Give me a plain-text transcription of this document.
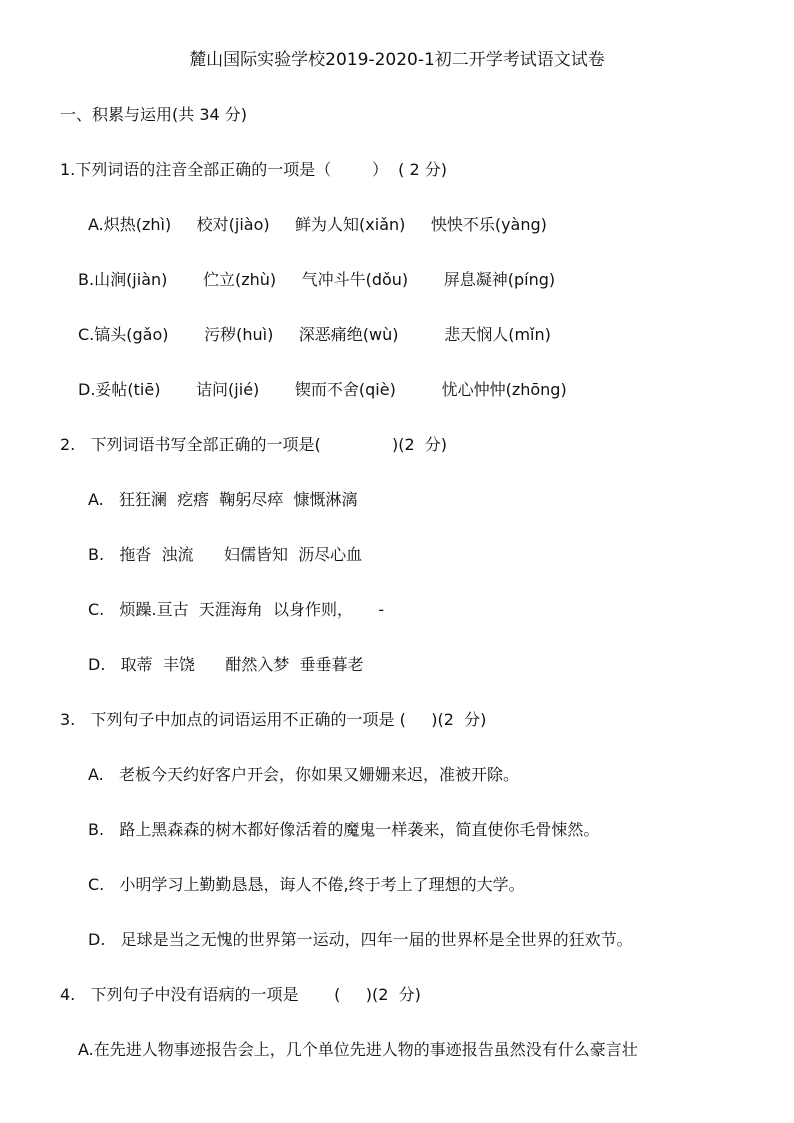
麓山国际实验学校2019-2020-1初二开学考试语文试卷
一、积累与运用(共 34 分)
1.下列词语的注音全部正确的一项是（        ）  ( 2 分)
A.炽热(zhì)     校对(jiào)     鲜为人知(xiǎn)     怏怏不乐(yàng)
B.山涧(jiàn)       伫立(zhù)     气冲斗牛(dǒu)       屏息凝神(píng)
C.镐头(gǎo)       污秽(huì)     深恶痛绝(wù)         悲天悯人(mǐn)
D.妥帖(tiē)       诘问(jié)       锲而不舍(qiè)         忧心忡忡(zhōng)
2.   下列词语书写全部正确的一项是(              )(2  分)
A.   狂狂澜  疙瘩  鞠躬尽瘁  慷慨淋漓
B.   拖沓  浊流      妇儒皆知  沥尽心血
C.   烦躁.亘古  天涯海角  以身作则，     -
D.   取蒂  丰饶      酣然入梦  垂垂暮老
3.   下列句子中加点的词语运用不正确的一项是 (     )(2  分)
A.   老板今天约好客户开会，你如果又姗姗来迟，准被开除。
B.   路上黑森森的树木都好像活着的魔鬼一样袭来，简直使你毛骨悚然。
C.   小明学习上勤勤恳恳，诲人不倦,终于考上了理想的大学。
D.   足球是当之无愧的世界第一运动，四年一届的世界杯是全世界的狂欢节。
4.   下列句子中没有语病的一项是       (     )(2  分)
A.在先进人物事迹报告会上，几个单位先进人物的事迹报告虽然没有什么豪言壮
